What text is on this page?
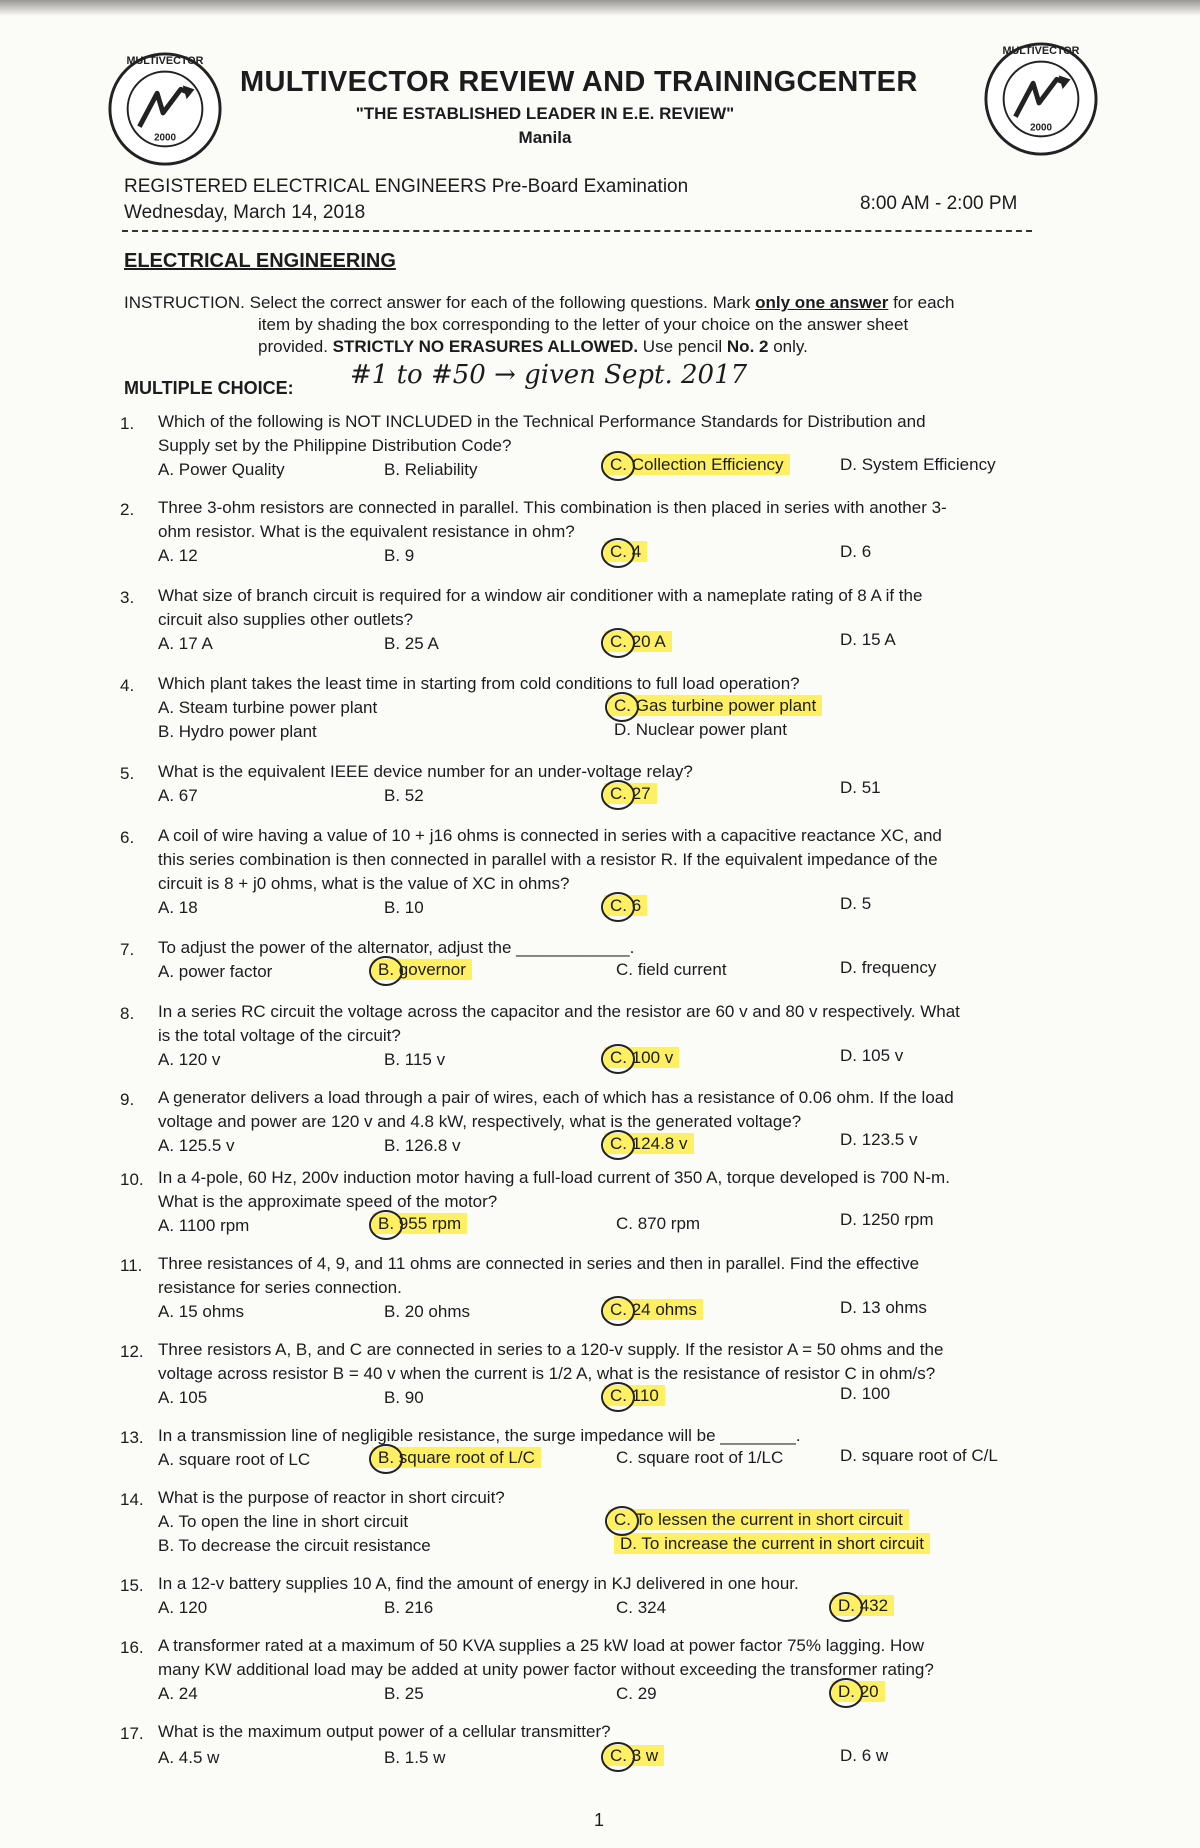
MULTIVECTOR
2000
MULTIVECTOR
2000
MULTIVECTOR REVIEW AND TRAININGCENTER
"THE ESTABLISHED LEADER IN E.E. REVIEW"
Manila
REGISTERED ELECTRICAL ENGINEERS Pre-Board Examination
Wednesday, March 14, 2018	8:00 AM - 2:00 PM
ELECTRICAL ENGINEERING
INSTRUCTION. Select the correct answer for each of the following questions. Mark only one answer for each
item by shading the box corresponding to the letter of your choice on the answer sheet
provided. STRICTLY NO ERASURES ALLOWED. Use pencil No. 2 only.
MULTIPLE CHOICE: #1 to #50 → given Sept. 2017
1. Which of the following is NOT INCLUDED in the Technical Performance Standards for Distribution and
Supply set by the Philippine Distribution Code?
A. Power Quality	B. Reliability	C. Collection Efficiency	D. System Efficiency
2. Three 3-ohm resistors are connected in parallel. This combination is then placed in series with another 3-
ohm resistor. What is the equivalent resistance in ohm?
A. 12	B. 9	C. 4	D. 6
3. What size of branch circuit is required for a window air conditioner with a nameplate rating of 8 A if the
circuit also supplies other outlets?
A. 17 A	B. 25 A	C. 20 A	D. 15 A
4. Which plant takes the least time in starting from cold conditions to full load operation?
A. Steam turbine power plant
B. Hydro power plant
C. Gas turbine power plant
D. Nuclear power plant
5. What is the equivalent IEEE device number for an under-voltage relay?
A. 67	B. 52	C. 27	D. 51
6. A coil of wire having a value of 10 + j16 ohms is connected in series with a capacitive reactance XC, and
this series combination is then connected in parallel with a resistor R. If the equivalent impedance of the
circuit is 8 + j0 ohms, what is the value of XC in ohms?
A. 18	B. 10	C. 6	D. 5
7. To adjust the power of the alternator, adjust the ____________.
A. power factor	B. governor	C. field current	D. frequency
8. In a series RC circuit the voltage across the capacitor and the resistor are 60 v and 80 v respectively. What
is the total voltage of the circuit?
A. 120 v	B. 115 v	C. 100 v	D. 105 v
9. A generator delivers a load through a pair of wires, each of which has a resistance of 0.06 ohm. If the load
voltage and power are 120 v and 4.8 kW, respectively, what is the generated voltage?
A. 125.5 v	B. 126.8 v	C. 124.8 v	D. 123.5 v
10. In a 4-pole, 60 Hz, 200v induction motor having a full-load current of 350 A, torque developed is 700 N-m.
What is the approximate speed of the motor?
A. 1100 rpm	B. 955 rpm	C. 870 rpm	D. 1250 rpm
11. Three resistances of 4, 9, and 11 ohms are connected in series and then in parallel. Find the effective
resistance for series connection.
A. 15 ohms	B. 20 ohms	C. 24 ohms	D. 13 ohms
12. Three resistors A, B, and C are connected in series to a 120-v supply. If the resistor A = 50 ohms and the
voltage across resistor B = 40 v when the current is 1/2 A, what is the resistance of resistor C in ohm/s?
A. 105	B. 90	C. 110	D. 100
13. In a transmission line of negligible resistance, the surge impedance will be ________.
A. square root of LC	B. square root of L/C	C. square root of 1/LC	D. square root of C/L
14. What is the purpose of reactor in short circuit?
A. To open the line in short circuit
B. To decrease the circuit resistance
C. To lessen the current in short circuit
D. To increase the current in short circuit
15. In a 12-v battery supplies 10 A, find the amount of energy in KJ delivered in one hour.
A. 120	B. 216	C. 324	D. 432
16. A transformer rated at a maximum of 50 KVA supplies a 25 kW load at power factor 75% lagging. How
many KW additional load may be added at unity power factor without exceeding the transformer rating?
A. 24	B. 25	C. 29	D. 20
17. What is the maximum output power of a cellular transmitter?
A. 4.5 w	B. 1.5 w	C. 3 w	D. 6 w
1
